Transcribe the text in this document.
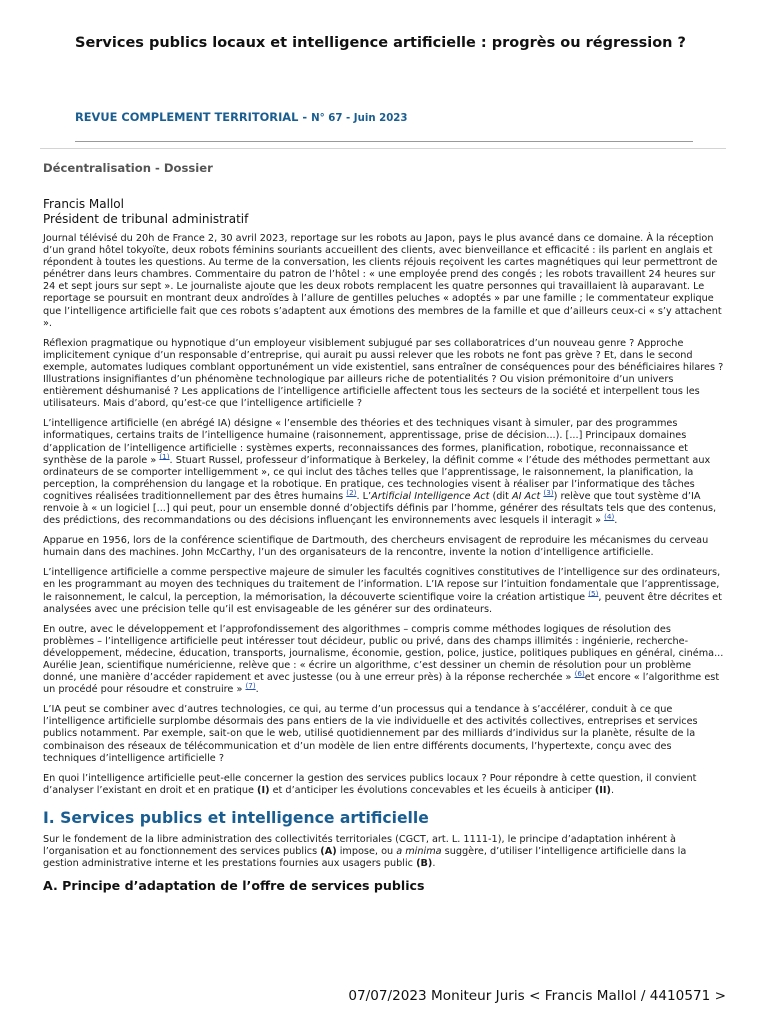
Services publics locaux et intelligence artificielle : progrès ou régression ?
REVUE COMPLEMENT TERRITORIAL - N° 67 - Juin 2023
Décentralisation - Dossier
Francis Mallol
Président de tribunal administratif

Journal télévisé du 20h de France 2, 30 avril 2023, reportage sur les robots au Japon, pays le plus avancé dans ce domaine. À la réception d’un grand hôtel tokyoïte, deux robots féminins souriants accueillent des clients, avec bienveillance et efficacité : ils parlent en anglais et répondent à toutes les questions. Au terme de la conversation, les clients réjouis reçoivent les cartes magnétiques qui leur permettront de pénétrer dans leurs chambres. Commentaire du patron de l’hôtel : « une employée prend des congés ; les robots travaillent 24 heures sur 24 et sept jours sur sept ». Le journaliste ajoute que les deux robots remplacent les quatre personnes qui travaillaient là auparavant. Le reportage se poursuit en montrant deux androïdes à l’allure de gentilles peluches « adoptés » par une famille ; le commentateur explique que l’intelligence artificielle fait que ces robots s’adaptent aux émotions des membres de la famille et que d’ailleurs ceux-ci « s’y attachent ».

Réflexion pragmatique ou hypnotique d’un employeur visiblement subjugué par ses collaboratrices d’un nouveau genre ? Approche implicitement cynique d’un responsable d’entreprise, qui aurait pu aussi relever que les robots ne font pas grève ? Et, dans le second exemple, automates ludiques comblant opportunément un vide existentiel, sans entraîner de conséquences pour des bénéficiaires hilares ? Illustrations insignifiantes d’un phénomène technologique par ailleurs riche de potentialités ? Ou vision prémonitoire d’un univers entièrement déshumanisé ? Les applications de l’intelligence artificielle affectent tous les secteurs de la société et interpellent tous les utilisateurs. Mais d’abord, qu’est-ce que l’intelligence artificielle ?

L’intelligence artificielle (en abrégé IA) désigne « l’ensemble des théories et des techniques visant à simuler, par des programmes informatiques, certains traits de l’intelligence humaine (raisonnement, apprentissage, prise de décision...). [...] Principaux domaines d’application de l’intelligence artificielle : systèmes experts, reconnaissances des formes, planification, robotique, reconnaissance et synthèse de la parole » $^{(1)}$. Stuart Russel, professeur d’informatique à Berkeley, la définit comme « l’étude des méthodes permettant aux ordinateurs de se comporter intelligemment », ce qui inclut des tâches telles que l’apprentissage, le raisonnement, la planification, la perception, la compréhension du langage et la robotique. En pratique, ces technologies visent à réaliser par l’informatique des tâches cognitives réalisées traditionnellement par des êtres humains $^{(2)}$. L’Artificial Intelligence Act (dit AI Act $^{(3)}$) relève que tout système d’IA renvoie à « un logiciel [...] qui peut, pour un ensemble donné d’objectifs définis par l’homme, générer des résultats tels que des contenus, des prédictions, des recommandations ou des décisions influençant les environnements avec lesquels il interagit » $^{(4)}$.

Apparue en 1956, lors de la conférence scientifique de Dartmouth, des chercheurs envisagent de reproduire les mécanismes du cerveau humain dans des machines. John McCarthy, l’un des organisateurs de la rencontre, invente la notion d’intelligence artificielle.

L’intelligence artificielle a comme perspective majeure de simuler les facultés cognitives constitutives de l’intelligence sur des ordinateurs, en les programmant au moyen des techniques du traitement de l’information. L’IA repose sur l’intuition fondamentale que l’apprentissage, le raisonnement, le calcul, la perception, la mémorisation, la découverte scientifique voire la création artistique $^{(5)}$, peuvent être décrites et analysées avec une précision telle qu’il est envisageable de les générer sur des ordinateurs.

En outre, avec le développement et l’approfondissement des algorithmes – compris comme méthodes logiques de résolution des problèmes – l’intelligence artificielle peut intéresser tout décideur, public ou privé, dans des champs illimités : ingénierie, recherche-développement, médecine, éducation, transports, journalisme, économie, gestion, police, justice, politiques publiques en général, cinéma... Aurélie Jean, scientifique numéricienne, relève que : « écrire un algorithme, c’est dessiner un chemin de résolution pour un problème donné, une manière d’accéder rapidement et avec justesse (ou à une erreur près) à la réponse recherchée » $^{(6)}$et encore « l’algorithme est un procédé pour résoudre et construire » $^{(7)}$.

L’IA peut se combiner avec d’autres technologies, ce qui, au terme d’un processus qui a tendance à s’accélérer, conduit à ce que l’intelligence artificielle surplombe désormais des pans entiers de la vie individuelle et des activités collectives, entreprises et services publics notamment. Par exemple, sait-on que le web, utilisé quotidiennement par des milliards d’individus sur la planète, résulte de la combinaison des réseaux de télécommunication et d’un modèle de lien entre différents documents, l’hypertexte, conçu avec des techniques d’intelligence artificielle ?

En quoi l’intelligence artificielle peut-elle concerner la gestion des services publics locaux ? Pour répondre à cette question, il convient d’analyser l’existant en droit et en pratique (I) et d’anticiper les évolutions concevables et les écueils à anticiper (II).

I. Services publics et intelligence artificielle

Sur le fondement de la libre administration des collectivités territoriales (CGCT, art. L. 1111-1), le principe d’adaptation inhérent à l’organisation et au fonctionnement des services publics (A) impose, ou a minima suggère, d’utiliser l’intelligence artificielle dans la gestion administrative interne et les prestations fournies aux usagers public (B).

A. Principe d’adaptation de l’offre de services publics
07/07/2023 Moniteur Juris < Francis Mallol / 4410571 >
